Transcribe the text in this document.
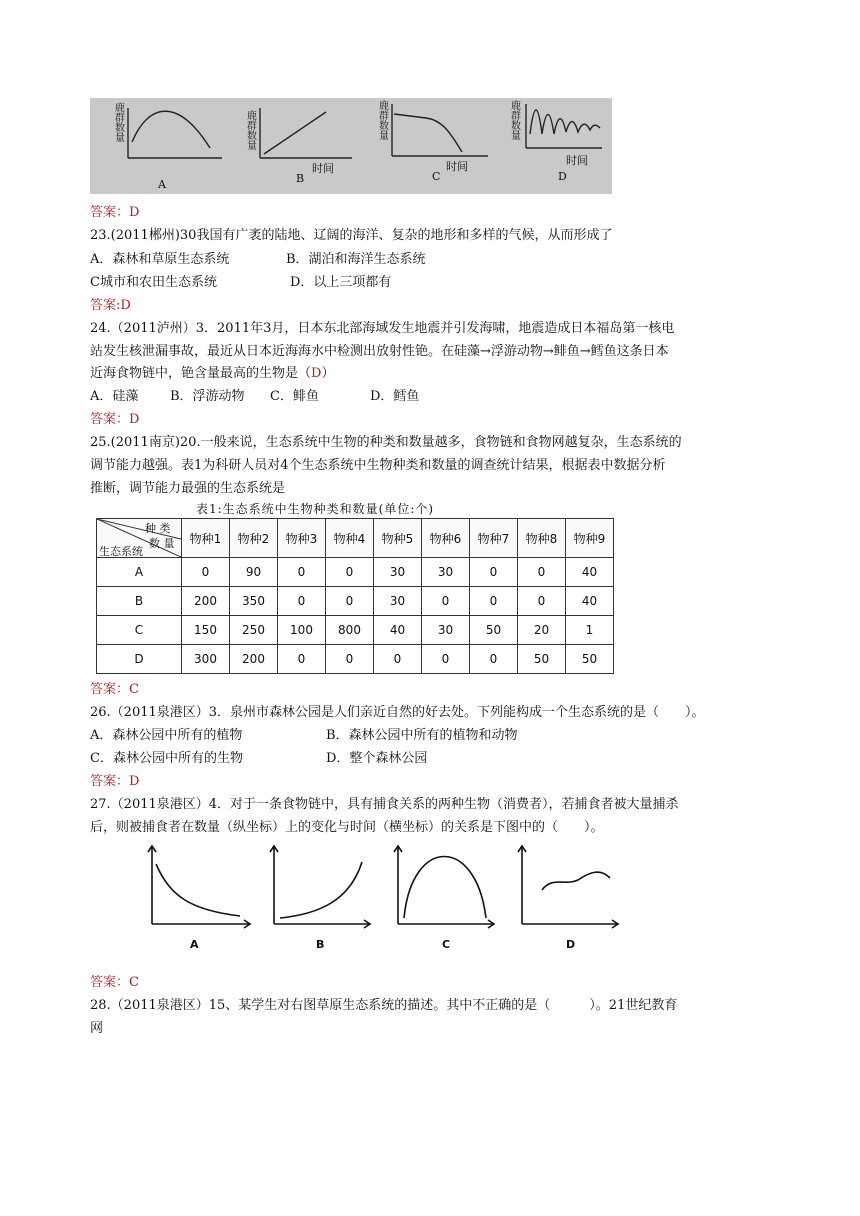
鹿群数量
鹿群数量
鹿群数量
鹿群数量
时间	时间	时间
A	B	C	D
答案：D
23.(2011郴州)30我国有广袤的陆地、辽阔的海洋、复杂的地形和多样的气候，从而形成了
A．森林和草原生态系统	B．湖泊和海洋生态系统
C城市和农田生态系统	D．以上三项都有
答案:D
24.（2011泸州）3．2011年3月，日本东北部海域发生地震并引发海啸，地震造成日本福岛第一核电
站发生核泄漏事故，最近从日本近海海水中检测出放射性铯。在硅藻→浮游动物→鲱鱼→鳕鱼这条日本
近海食物链中，铯含量最高的生物是（D）
A．硅藻 B．浮游动物 C．鲱鱼	D．鳕鱼
答案：D
25.(2011南京)20.一般来说，生态系统中生物的种类和数量越多，食物链和食物网越复杂，生态系统的
调节能力越强。表1为科研人员对4个生态系统中生物种类和数量的调查统计结果，根据表中数据分析
推断，调节能力最强的生态系统是
表1:生态系统中生物种类和数量(单位:个)
种 类
数 量
生态系统	物种1	物种2	物种3	物种4	物种5	物种6	物种7	物种8	物种9
A	0	90	0	0	30	30	0	0	40
B	200	350	0	0	30	0	0	0	40
C	150	250	100	800	40	30	50	20	1
D	300	200	0	0	0	0	0	50	50
答案：C
26.（2011泉港区）3．泉州市森林公园是人们亲近自然的好去处。下列能构成一个生态系统的是（　　）。
A．森林公园中所有的植物	B．森林公园中所有的植物和动物
C．森林公园中所有的生物	D．整个森林公园
答案：D
27.（2011泉港区）4．对于一条食物链中，具有捕食关系的两种生物（消费者），若捕食者被大量捕杀
后，则被捕食者在数量（纵坐标）上的变化与时间（横坐标）的关系是下图中的（　　）。
A	B	C	D
答案：C
28.（2011泉港区）15、某学生对右图草原生态系统的描述。其中不正确的是（　　　）。21世纪教育
网
